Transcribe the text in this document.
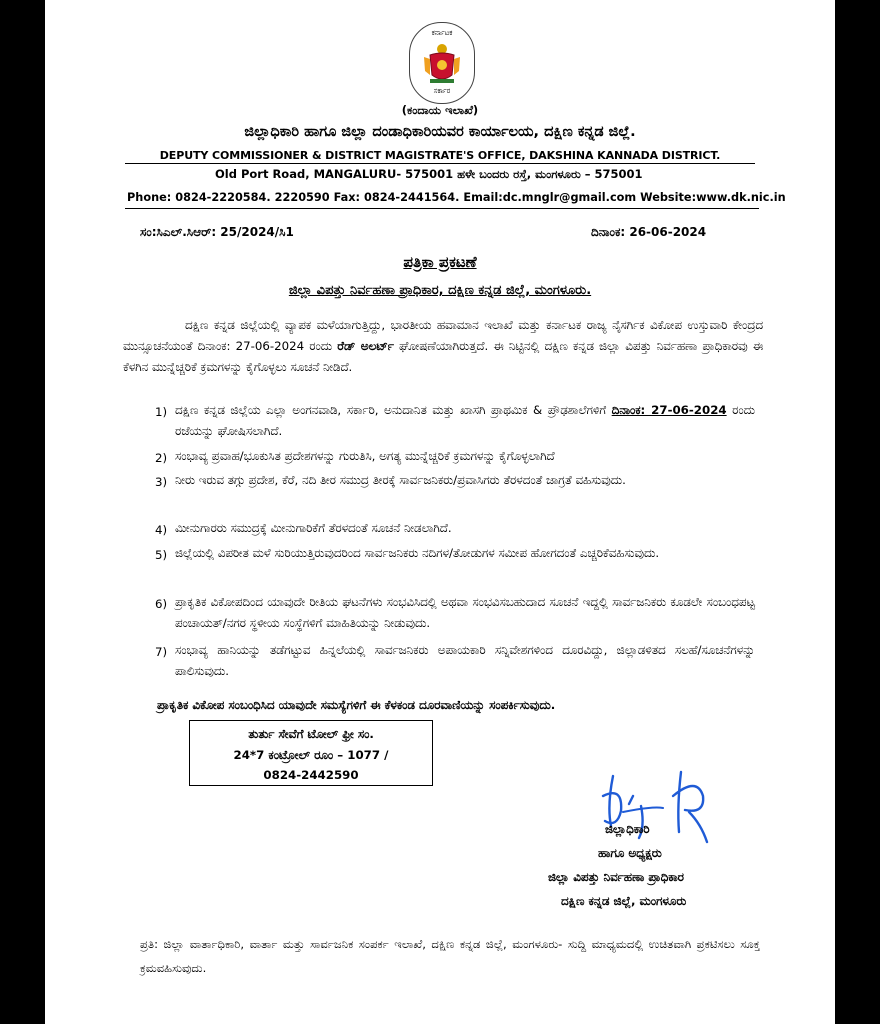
ಕರ್ನಾಟಕ
ಸರ್ಕಾರ
(ಕಂದಾಯ ಇಲಾಖೆ)
ಜಿಲ್ಲಾಧಿಕಾರಿ ಹಾಗೂ ಜಿಲ್ಲಾ ದಂಡಾಧಿಕಾರಿಯವರ ಕಾರ್ಯಾಲಯ, ದಕ್ಷಿಣ ಕನ್ನಡ ಜಿಲ್ಲೆ.
DEPUTY COMMISSIONER & DISTRICT MAGISTRATE'S OFFICE, DAKSHINA KANNADA DISTRICT.
Old Port Road, MANGALURU- 575001 ಹಳೇ ಬಂದರು ರಸ್ತೆ, ಮಂಗಳೂರು – 575001
Phone: 0824-2220584. 2220590 Fax: 0824-2441564. Email:dc.mnglr@gmail.com Website:www.dk.nic.in
ಸಂ:ಸಿಎಲ್.ಸಿಆರ್: 25/2024/ಸಿ1	ದಿನಾಂಕ: 26-06-2024
ಪತ್ರಿಕಾ ಪ್ರಕಟಣೆ
ಜಿಲ್ಲಾ ವಿಪತ್ತು ನಿರ್ವಹಣಾ ಪ್ರಾಧಿಕಾರ, ದಕ್ಷಿಣ ಕನ್ನಡ ಜಿಲ್ಲೆ, ಮಂಗಳೂರು.
ದಕ್ಷಿಣ ಕನ್ನಡ ಜಿಲ್ಲೆಯಲ್ಲಿ ವ್ಯಾಪಕ ಮಳೆಯಾಗುತ್ತಿದ್ದು, ಭಾರತೀಯ ಹವಾಮಾನ ಇಲಾಖೆ ಮತ್ತು ಕರ್ನಾಟಕ ರಾಜ್ಯ ನೈಸರ್ಗಿಕ ವಿಕೋಪ ಉಸ್ತುವಾರಿ ಕೇಂದ್ರದ ಮುನ್ಸೂಚನೆಯಂತೆ ದಿನಾಂಕ: 27-06-2024 ರಂದು ರೆಡ್ ಅಲರ್ಟ್ ಘೋಷಣೆಯಾಗಿರುತ್ತದೆ. ಈ ನಿಟ್ಟಿನಲ್ಲಿ ದಕ್ಷಿಣ ಕನ್ನಡ ಜಿಲ್ಲಾ ವಿಪತ್ತು ನಿರ್ವಹಣಾ ಪ್ರಾಧಿಕಾರವು ಈ ಕೆಳಗಿನ ಮುನ್ನೆಚ್ಚರಿಕೆ ಕ್ರಮಗಳನ್ನು ಕೈಗೊಳ್ಳಲು ಸೂಚನೆ ನೀಡಿದೆ.
1) ದಕ್ಷಿಣ ಕನ್ನಡ ಜಿಲ್ಲೆಯ ಎಲ್ಲಾ ಅಂಗನವಾಡಿ, ಸರ್ಕಾರಿ, ಅನುದಾನಿತ ಮತ್ತು ಖಾಸಗಿ ಪ್ರಾಥಮಿಕ & ಪ್ರೌಢಶಾಲೆಗಳಿಗೆ ದಿನಾಂಕ: 27-06-2024 ರಂದು ರಜೆಯನ್ನು ಘೋಷಿಸಲಾಗಿದೆ.
2) ಸಂಭಾವ್ಯ ಪ್ರವಾಹ/ಭೂಕುಸಿತ ಪ್ರದೇಶಗಳನ್ನು ಗುರುತಿಸಿ, ಅಗತ್ಯ ಮುನ್ನೆಚ್ಚರಿಕೆ ಕ್ರಮಗಳನ್ನು ಕೈಗೊಳ್ಳಲಾಗಿದೆ
3) ನೀರು ಇರುವ ತಗ್ಗು ಪ್ರದೇಶ, ಕೆರೆ, ನದಿ ತೀರ ಸಮುದ್ರ ತೀರಕ್ಕೆ ಸಾರ್ವಜನಿಕರು/ಪ್ರವಾಸಿಗರು ತೆರಳದಂತೆ ಜಾಗ್ರತೆ ವಹಿಸುವುದು.
4) ಮೀನುಗಾರರು ಸಮುದ್ರಕ್ಕೆ ಮೀನುಗಾರಿಕೆಗೆ ತೆರಳದಂತೆ ಸೂಚನೆ ನೀಡಲಾಗಿದೆ.
5) ಜಿಲ್ಲೆಯಲ್ಲಿ ವಿಪರೀತ ಮಳೆ ಸುರಿಯುತ್ತಿರುವುದರಿಂದ ಸಾರ್ವಜನಿಕರು ನದಿಗಳ/ತೋಡುಗಳ ಸಮೀಪ ಹೋಗದಂತೆ ಎಚ್ಚರಿಕೆವಹಿಸುವುದು.
6) ಪ್ರಾಕೃತಿಕ ವಿಕೋಪದಿಂದ ಯಾವುದೇ ರೀತಿಯ ಘಟನೆಗಳು ಸಂಭವಿಸಿದಲ್ಲಿ ಅಥವಾ ಸಂಭವಿಸಬಹುದಾದ ಸೂಚನೆ ಇದ್ದಲ್ಲಿ ಸಾರ್ವಜನಿಕರು ಕೂಡಲೇ ಸಂಬಂಧಪಟ್ಟ ಪಂಚಾಯತ್/ನಗರ ಸ್ಥಳೀಯ ಸಂಸ್ಥೆಗಳಿಗೆ ಮಾಹಿತಿಯನ್ನು ನೀಡುವುದು.
7) ಸಂಭಾವ್ಯ ಹಾನಿಯನ್ನು ತಡೆಗಟ್ಟುವ ಹಿನ್ನಲೆಯಲ್ಲಿ ಸಾರ್ವಜನಿಕರು ಅಪಾಯಕಾರಿ ಸನ್ನಿವೇಶಗಳಿಂದ ದೂರವಿದ್ದು, ಜಿಲ್ಲಾಡಳಿತದ ಸಲಹೆ/ಸೂಚನೆಗಳನ್ನು ಪಾಲಿಸುವುದು.
ಪ್ರಾಕೃತಿಕ ವಿಕೋಪ ಸಂಬಂಧಿಸಿದ ಯಾವುದೇ ಸಮಸ್ಯೆಗಳಿಗೆ ಈ ಕೆಳಕಂಡ ದೂರವಾಣಿಯನ್ನು ಸಂಪರ್ಕಿಸುವುದು.
ತುರ್ತು ಸೇವೆಗೆ ಟೋಲ್ ಫ್ರೀ ಸಂ.
24*7 ಕಂಟ್ರೋಲ್ ರೂಂ – 1077 /
0824-2442590
ಜಿಲ್ಲಾಧಿಕಾರಿ
ಹಾಗೂ ಅಧ್ಯಕ್ಷರು
ಜಿಲ್ಲಾ ವಿಪತ್ತು ನಿರ್ವಹಣಾ ಪ್ರಾಧಿಕಾರ
ದಕ್ಷಿಣ ಕನ್ನಡ ಜಿಲ್ಲೆ, ಮಂಗಳೂರು
ಪ್ರತಿ: ಜಿಲ್ಲಾ ವಾರ್ತಾಧಿಕಾರಿ, ವಾರ್ತಾ ಮತ್ತು ಸಾರ್ವಜನಿಕ ಸಂಪರ್ಕ ಇಲಾಖೆ, ದಕ್ಷಿಣ ಕನ್ನಡ ಜಿಲ್ಲೆ, ಮಂಗಳೂರು- ಸುದ್ದಿ ಮಾಧ್ಯಮದಲ್ಲಿ ಉಚಿತವಾಗಿ ಪ್ರಕಟಿಸಲು ಸೂಕ್ತ ಕ್ರಮವಹಿಸುವುದು.
